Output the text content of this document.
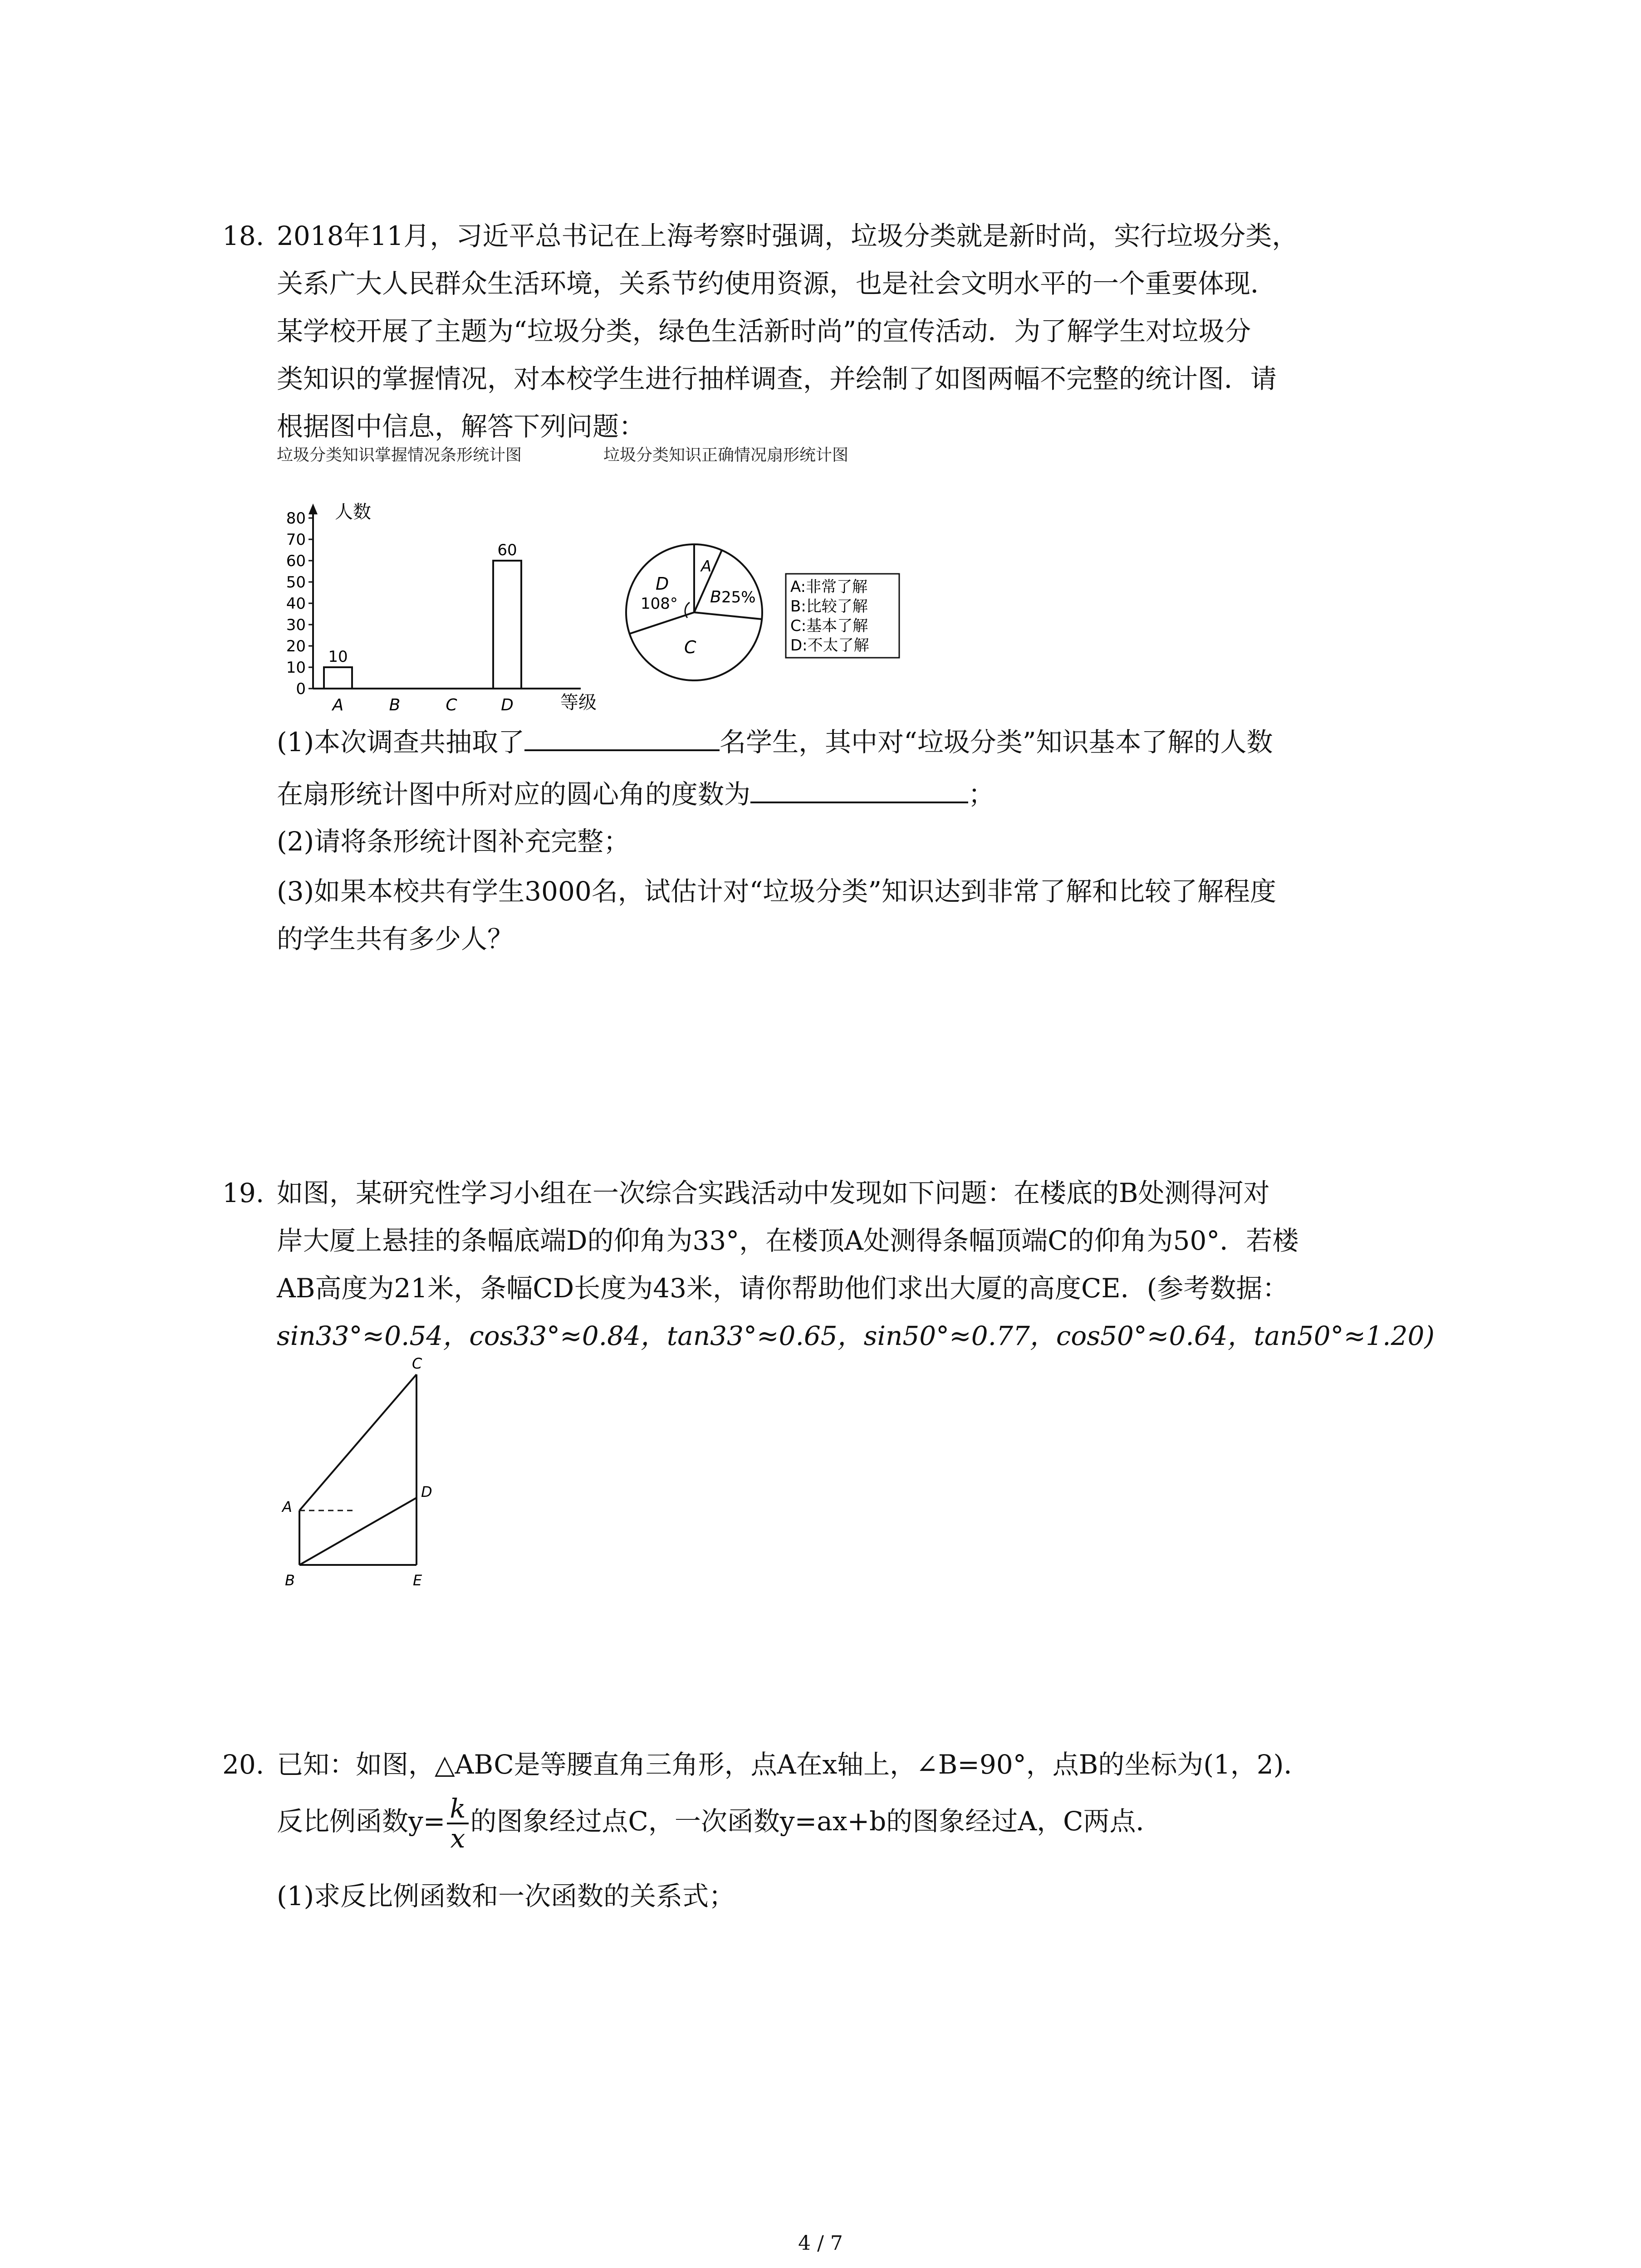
18. 2018年11月，习近平总书记在上海考察时强调，垃圾分类就是新时尚，实行垃圾分类，
关系广大人民群众生活环境，关系节约使用资源，也是社会文明水平的一个重要体现．
某学校开展了主题为“垃圾分类，绿色生活新时尚”的宣传活动．为了解学生对垃圾分
类知识的掌握情况，对本校学生进行抽样调查，并绘制了如图两幅不完整的统计图．请
根据图中信息，解答下列问题：
垃圾分类知识掌握情况条形统计图	垃圾分类知识正确情况扇形统计图
人数
0
10
20
30
40
50
60
70
80
10
60
A	B	C	D	等级
D
108°
A
B 25%
C
A:非常了解
B:比较了解
C:基本了解
D:不太了解
(1)本次调查共抽取了	名学生，其中对“垃圾分类”知识基本了解的人数
在扇形统计图中所对应的圆心角的度数为	；
(2)请将条形统计图补充完整；
(3)如果本校共有学生3000名，试估计对“垃圾分类”知识达到非常了解和比较了解程度
的学生共有多少人？
19. 如图，某研究性学习小组在一次综合实践活动中发现如下问题：在楼底的B处测得河对
岸大厦上悬挂的条幅底端D的仰角为33°，在楼顶A处测得条幅顶端C的仰角为50°．若楼
AB高度为21米，条幅CD长度为43米，请你帮助他们求出大厦的高度CE．(参考数据：
sin33°≈0.54，cos33°≈0.84，tan33°≈0.65，sin50°≈0.77，cos50°≈0.64，tan50°≈1.20)
C
D
A
B	E
20. 已知：如图，△ABC是等腰直角三角形，点A在x轴上，∠B=90°，点B的坐标为(1，2)．
反比例函数$y= \frac{k}{x}$ 的图象经过点C，一次函数y=ax+b的图象经过A，C两点．
(1)求反比例函数和一次函数的关系式；
4 / 7
